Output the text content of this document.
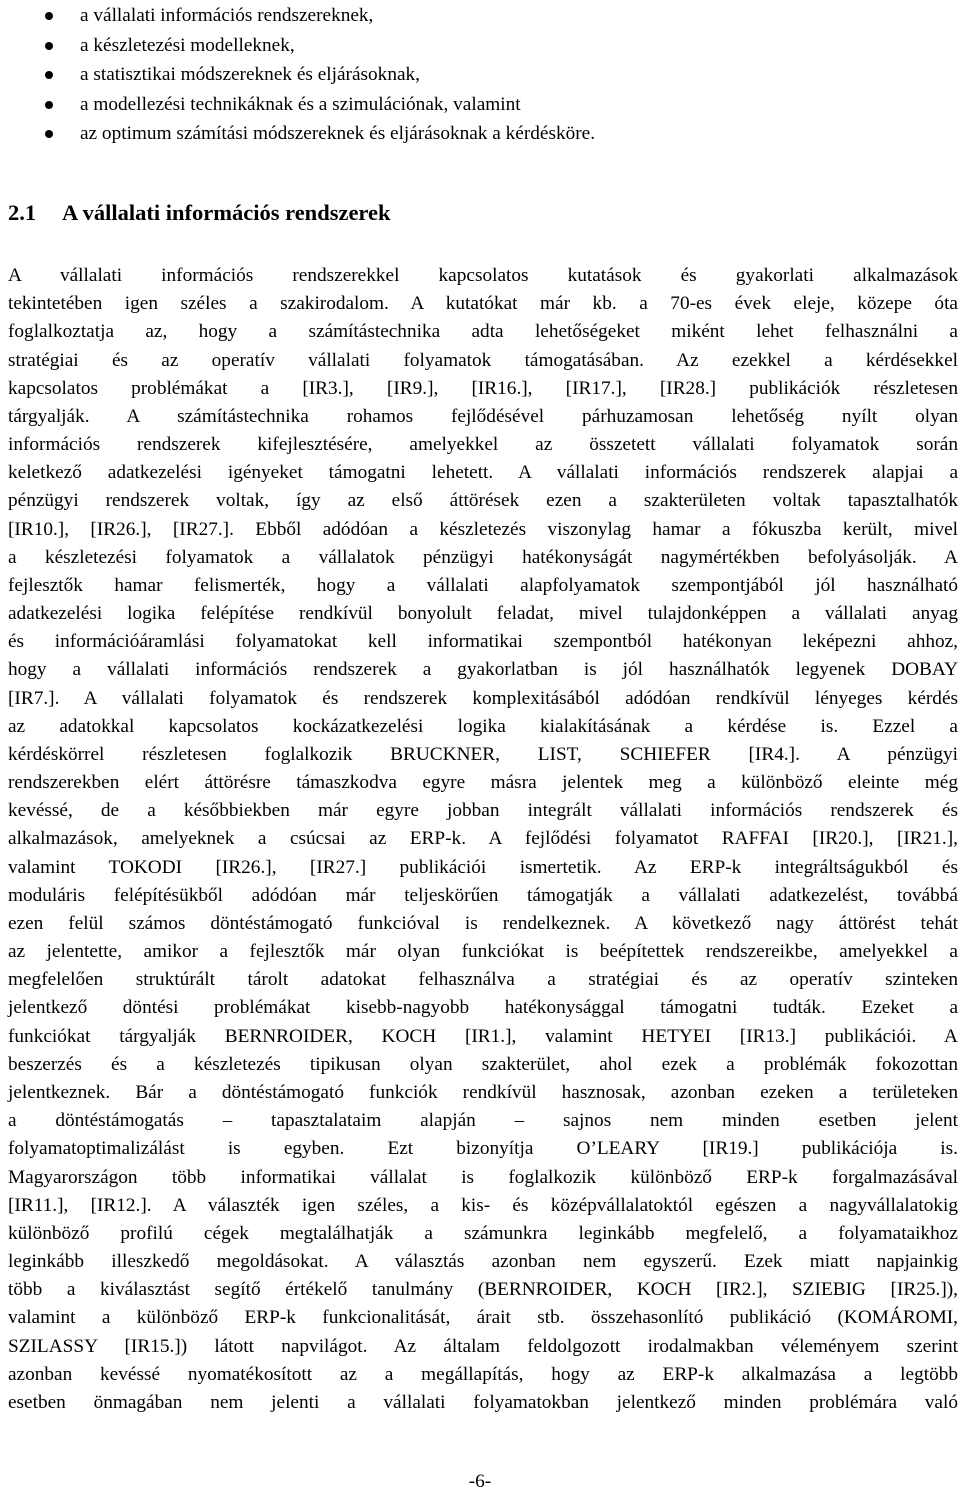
a vállalati információs rendszereknek,
a készletezési modelleknek,
a statisztikai módszereknek és eljárásoknak,
a modellezési technikáknak és a szimulációnak, valamint
az optimum számítási módszereknek és eljárásoknak a kérdésköre.
2.1 A vállalati információs rendszerek
A vállalati információs rendszerekkel kapcsolatos kutatások és gyakorlati alkalmazások
tekintetében igen széles a szakirodalom. A kutatókat már kb. a 70-es évek eleje, közepe óta
foglalkoztatja az, hogy a számítástechnika adta lehetőségeket miként lehet felhasználni a
stratégiai és az operatív vállalati folyamatok támogatásában. Az ezekkel a kérdésekkel
kapcsolatos problémákat a [IR3.], [IR9.], [IR16.], [IR17.], [IR28.] publikációk részletesen
tárgyalják. A számítástechnika rohamos fejlődésével párhuzamosan lehetőség nyílt olyan
információs rendszerek kifejlesztésére, amelyekkel az összetett vállalati folyamatok során
keletkező adatkezelési igényeket támogatni lehetett. A vállalati információs rendszerek alapjai a
pénzügyi rendszerek voltak, így az első áttörések ezen a szakterületen voltak tapasztalhatók
[IR10.], [IR26.], [IR27.]. Ebből adódóan a készletezés viszonylag hamar a fókuszba került, mivel
a készletezési folyamatok a vállalatok pénzügyi hatékonyságát nagymértékben befolyásolják. A
fejlesztők hamar felismerték, hogy a vállalati alapfolyamatok szempontjából jól használható
adatkezelési logika felépítése rendkívül bonyolult feladat, mivel tulajdonképpen a vállalati anyag
és információáramlási folyamatokat kell informatikai szempontból hatékonyan leképezni ahhoz,
hogy a vállalati információs rendszerek a gyakorlatban is jól használhatók legyenek DOBAY
[IR7.]. A vállalati folyamatok és rendszerek komplexitásából adódóan rendkívül lényeges kérdés
az adatokkal kapcsolatos kockázatkezelési logika kialakításának a kérdése is. Ezzel a
kérdéskörrel részletesen foglalkozik BRUCKNER, LIST, SCHIEFER [IR4.]. A pénzügyi
rendszerekben elért áttörésre támaszkodva egyre másra jelentek meg a különböző eleinte még
kevéssé, de a későbbiekben már egyre jobban integrált vállalati információs rendszerek és
alkalmazások, amelyeknek a csúcsai az ERP-k. A fejlődési folyamatot RAFFAI [IR20.], [IR21.],
valamint TOKODI [IR26.], [IR27.] publikációi ismertetik. Az ERP-k integráltságukból és
moduláris felépítésükből adódóan már teljeskörűen támogatják a vállalati adatkezelést, továbbá
ezen felül számos döntéstámogató funkcióval is rendelkeznek. A következő nagy áttörést tehát
az jelentette, amikor a fejlesztők már olyan funkciókat is beépítettek rendszereikbe, amelyekkel a
megfelelően struktúrált tárolt adatokat felhasználva a stratégiai és az operatív szinteken
jelentkező döntési problémákat kisebb-nagyobb hatékonysággal támogatni tudták. Ezeket a
funkciókat tárgyalják BERNROIDER, KOCH [IR1.], valamint HETYEI [IR13.] publikációi. A
beszerzés és a készletezés tipikusan olyan szakterület, ahol ezek a problémák fokozottan
jelentkeznek. Bár a döntéstámogató funkciók rendkívül hasznosak, azonban ezeken a területeken
a döntéstámogatás – tapasztalataim alapján – sajnos nem minden esetben jelent
folyamatoptimalizálást is egyben. Ezt bizonyítja O’LEARY [IR19.] publikációja is.
Magyarországon több informatikai vállalat is foglalkozik különböző ERP-k forgalmazásával
[IR11.], [IR12.]. A választék igen széles, a kis- és középvállalatoktól egészen a nagyvállalatokig
különböző profilú cégek megtalálhatják a számunkra leginkább megfelelő, a folyamataikhoz
leginkább illeszkedő megoldásokat. A választás azonban nem egyszerű. Ezek miatt napjainkig
több a kiválasztást segítő értékelő tanulmány (BERNROIDER, KOCH [IR2.], SZIEBIG [IR25.]),
valamint a különböző ERP-k funkcionalitását, árait stb. összehasonlító publikáció (KOMÁROMI,
SZILASSY [IR15.]) látott napvilágot. Az általam feldolgozott irodalmakban véleményem szerint
azonban kevéssé nyomatékosított az a megállapítás, hogy az ERP-k alkalmazása a legtöbb
esetben önmagában nem jelenti a vállalati folyamatokban jelentkező minden problémára való
-6-
